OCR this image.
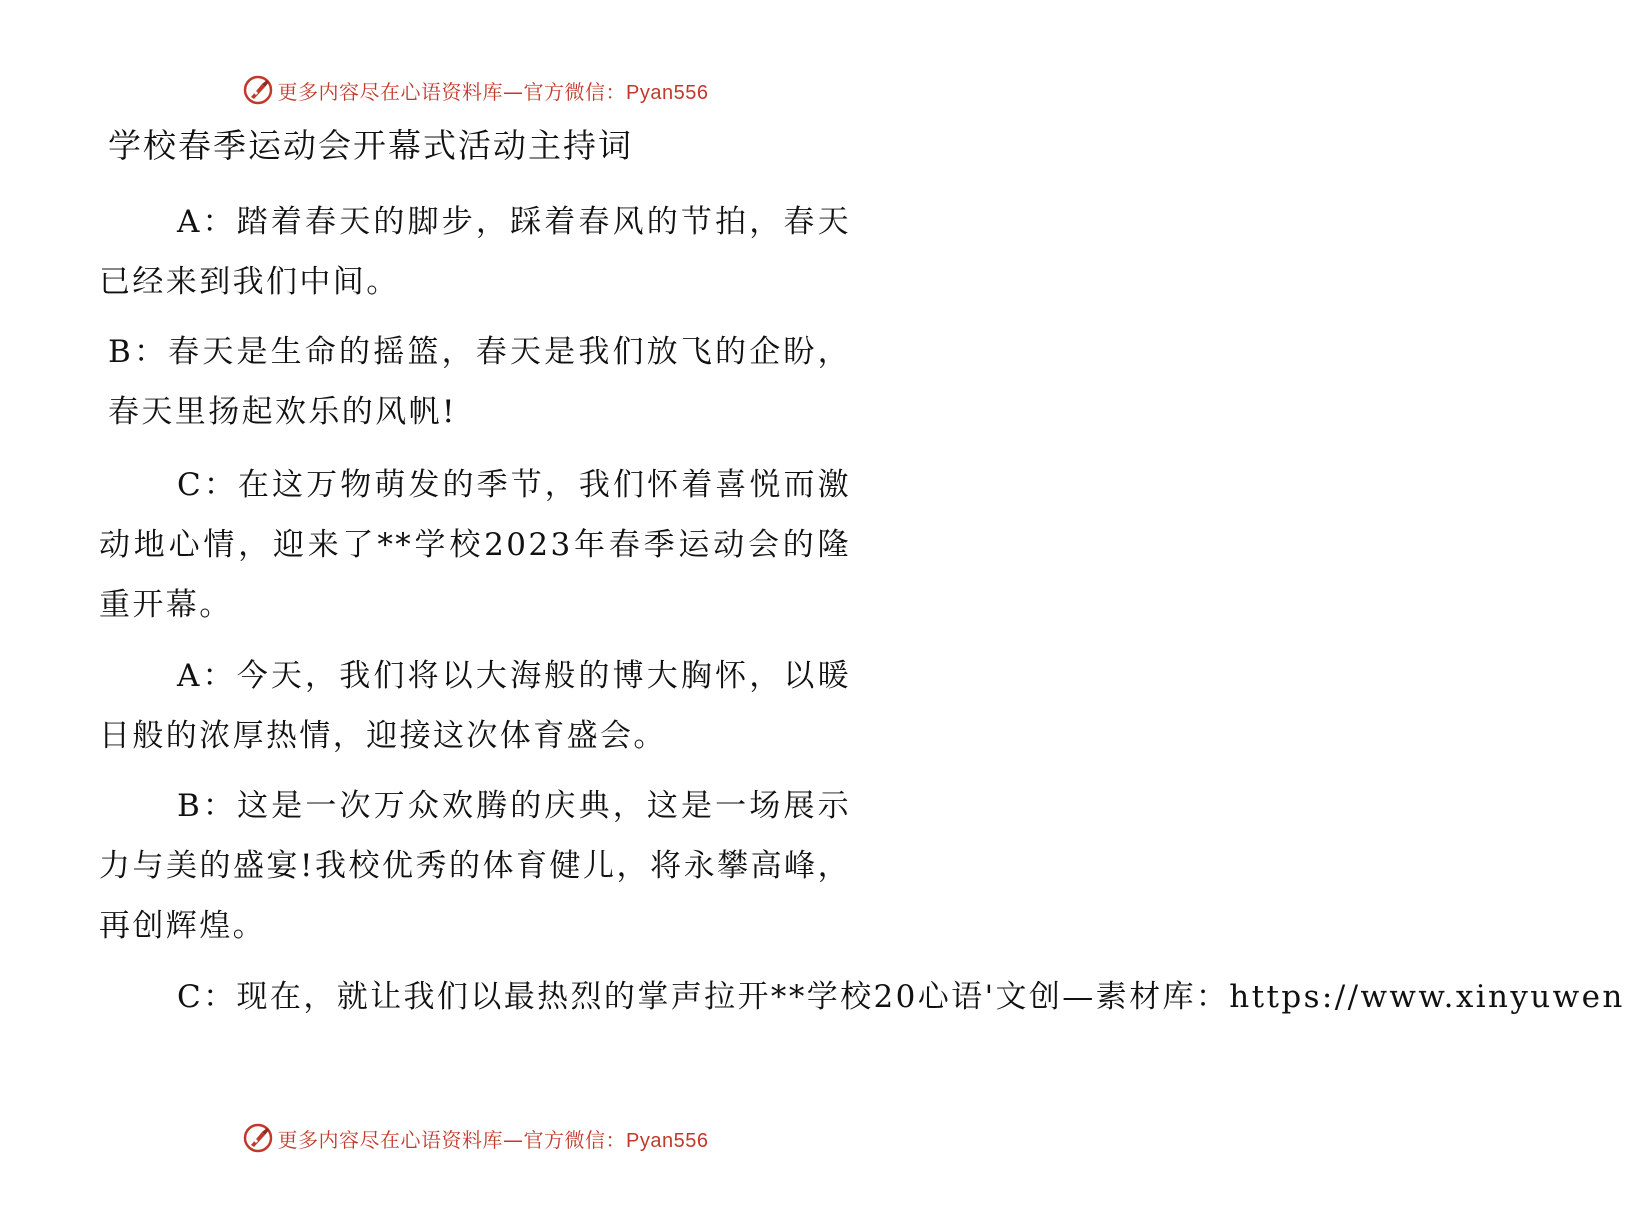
更多内容尽在心语资料库—官方微信：Pyan556
学校春季运动会开幕式活动主持词

A：踏着春天的脚步，踩着春风的节拍，春天已经来到我们中间。

B：春天是生命的摇篮，春天是我们放飞的企盼，春天里扬起欢乐的风帆!

C：在这万物萌发的季节，我们怀着喜悦而激动地心情，迎来了**学校2023年春季运动会的隆重开幕。

A：今天，我们将以大海般的博大胸怀，以暖日般的浓厚热情，迎接这次体育盛会。

B：这是一次万众欢腾的庆典，这是一场展示力与美的盛宴!我校优秀的体育健儿，将永攀高峰，再创辉煌。

C：现在，就让我们以最热烈的掌声拉开**学校20心语'文创—素材库：https://www.xinyuwen

更多内容尽在心语资料库—官方微信：Pyan556
